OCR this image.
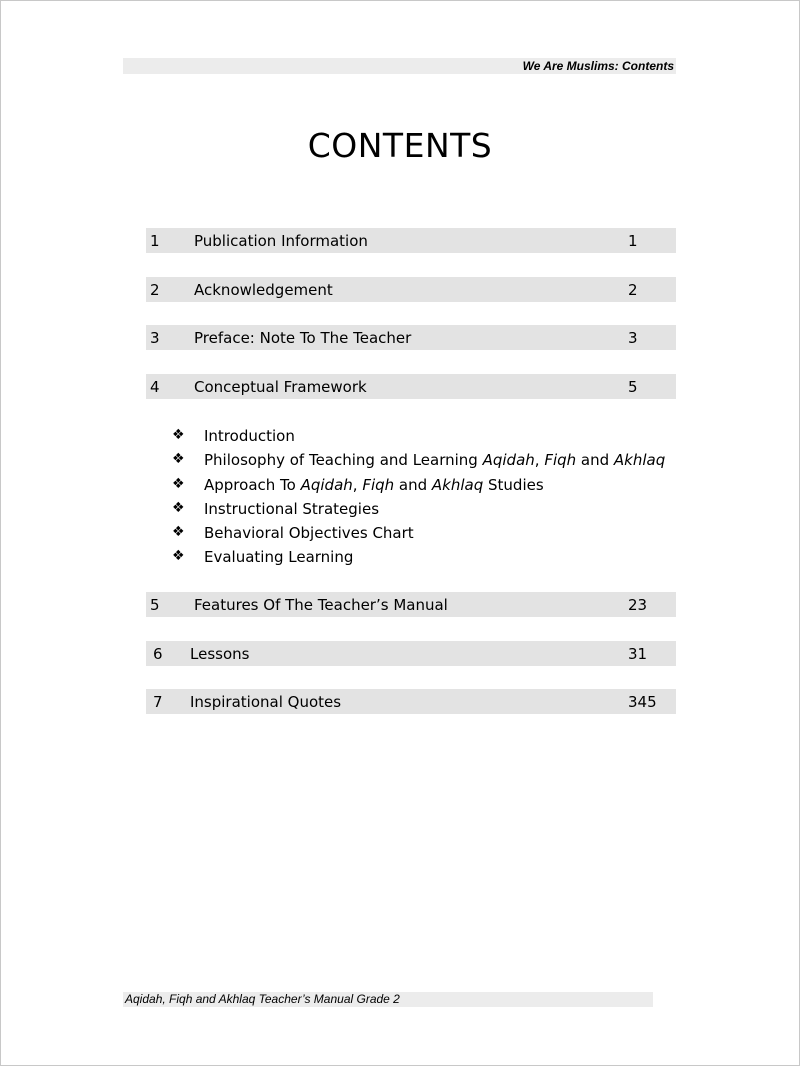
We Are Muslims: Contents
CONTENTS
1 Publication Information	1
2 Acknowledgement	2
3 Preface: Note To The Teacher	3
4 Conceptual Framework	5
❖ Introduction
❖ Philosophy of Teaching and Learning Aqidah, Fiqh and Akhlaq
❖ Approach To Aqidah, Fiqh and Akhlaq Studies
❖ Instructional Strategies
❖ Behavioral Objectives Chart
❖ Evaluating Learning
5 Features Of The Teacher’s Manual	23
6 Lessons	31
7 Inspirational Quotes	345
Aqidah, Fiqh and Akhlaq Teacher’s Manual Grade 2
